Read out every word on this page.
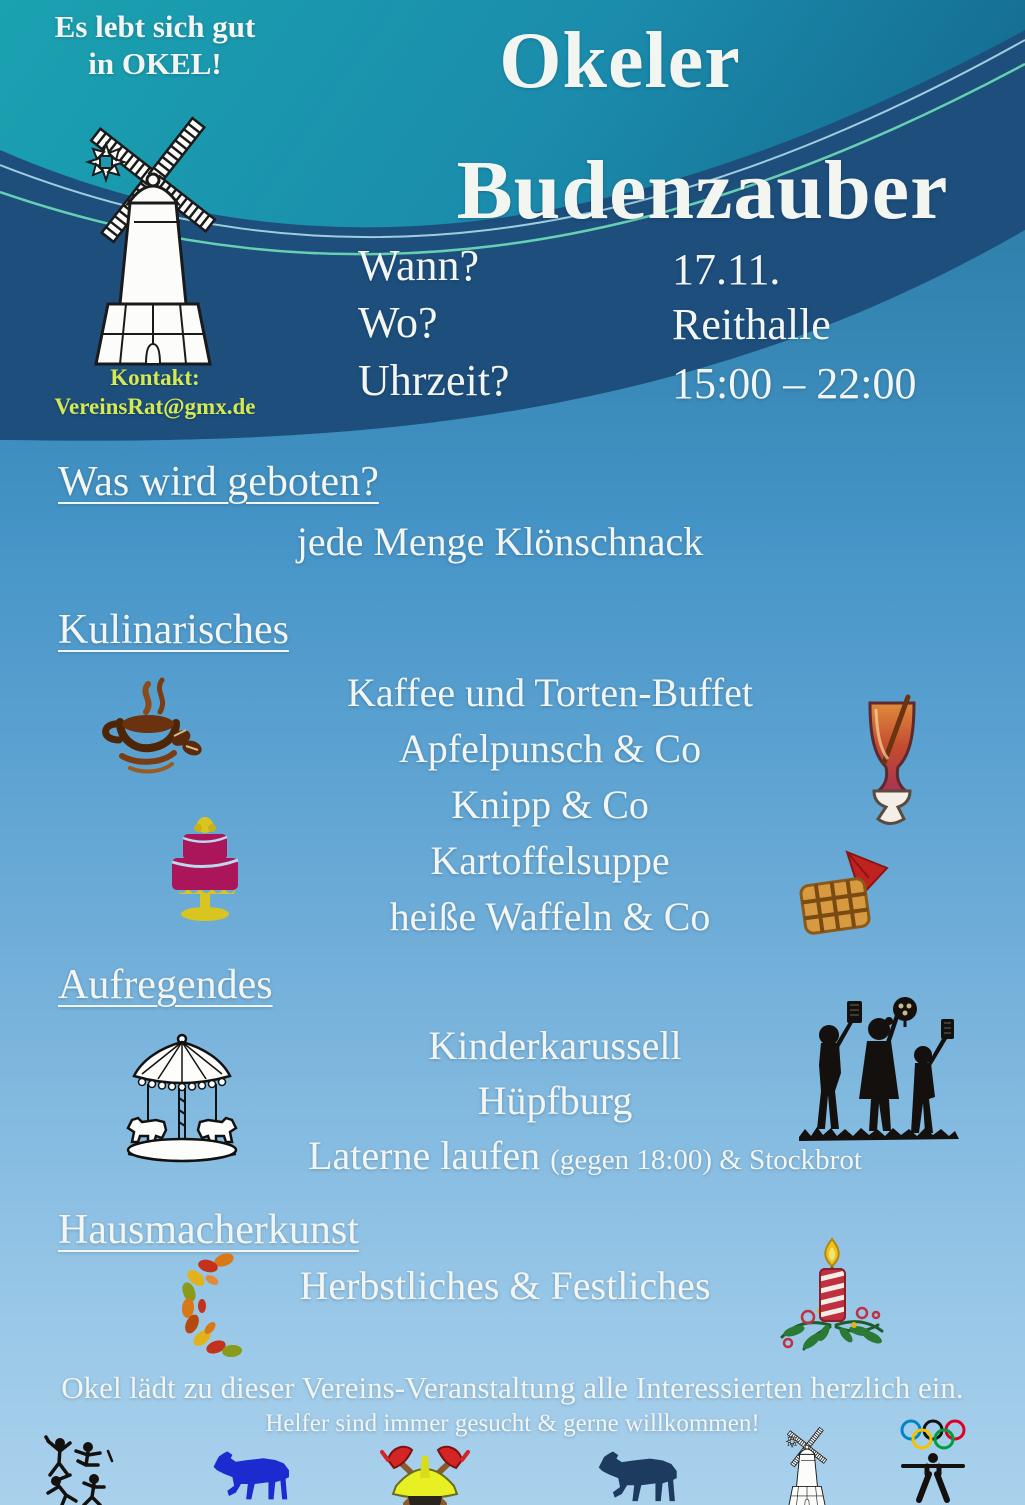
Es lebt sich gut
in OKEL!
Kontakt:
VereinsRat@gmx.de
Okeler
Budenzauber
Wann?	17.11.
Wo?	Reithalle
Uhrzeit?	15:00 – 22:00
Was wird geboten?
jede Menge Klönschnack
Kulinarisches
Kaffee und Torten-Buffet
Apfelpunsch & Co
Knipp & Co
Kartoffelsuppe
heiße Waffeln & Co
Aufregendes
Kinderkarussell
Hüpfburg
Laterne laufen (gegen 18:00) & Stockbrot
Hausmacherkunst
Herbstliches & Festliches
Okel lädt zu dieser Vereins-Veranstaltung alle Interessierten herzlich ein.
Helfer sind immer gesucht & gerne willkommen!
